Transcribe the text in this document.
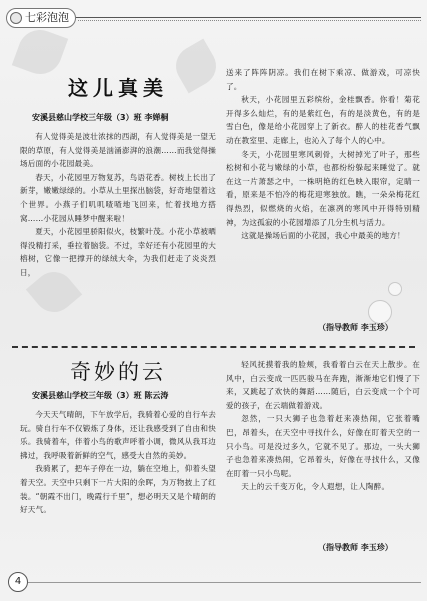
七彩泡泡
这儿真美
安溪县慈山学校三年级（3）班 李婵桐

有人觉得美是波壮浓抹的西湖，有人觉得美是一望无限的草原，有人觉得美是汹涌澎湃的浪潮……而我觉得操场后面的小花园最美。

春天，小花园里万物复苏，鸟语花香。树枝上长出了新芽，嫩嫩绿绿的。小草从土里探出脑袋，好奇地望着这个世界。小燕子们叽叽喳喳地飞回来，忙着找地方搭窝……小花园从睡梦中醒来啦！

夏天，小花园里骄阳似火，枝繁叶茂。小花小草被晒得没精打采，垂拉着脑袋。不过，幸好还有小花园里的大榕树，它像一把撑开的绿绒大伞，为我们赶走了炎炎烈日，

送来了阵阵阴凉。我们在树下乘凉、做游戏，可凉快了。

秋天，小花园里五彩缤纷，金桂飘香。你看！菊花开得多么灿烂，有的是紫红色，有的是淡黄色，有的是雪白色，像是给小花园穿上了新衣。醉人的桂花香气飘动在教室里、走廊上，也沁入了每个人的心中。

冬天，小花园里寒风刺骨，大树掉光了叶子，那些松树和小花与嫩绿的小草，也都纷纷躲起来睡觉了。就在这一片萧瑟之中，一株明艳的红色映入眼帘，定睛一看，原来是不怕冷的梅花迎寒独放。瞧，一朵朵梅花红得热烈，似燃烧的火焰，在凛冽的寒风中开得特别精神，为这孤寂的小花园增添了几分生机与活力。

这就是操场后面的小花园，我心中最美的地方！

（指导教师 李玉珍）
奇妙的云
安溪县慈山学校三年级（3）班 陈云涛

今天天气晴朗，下午放学后，我骑着心爱的自行车去玩。骑自行车不仅锻炼了身体，还让我感受到了自由和快乐。我骑着车，伴着小鸟的歌声呼着小调，微风从我耳边拂过，我呼吸着新鲜的空气，感受大自然的美妙。

我骑累了，把车子停在一边，躺在空地上，仰着头望着天空。天空中只剩下一片大阳的余晖，为万物披上了红装。“朝霞不出门，晚霞行千里”，想必明天又是个晴朗的好天气。

轻风抚摸着我的脸颊，我看着白云在天上散步。在风中，白云变成一匹匹骏马在奔跑，渐渐地它们慢了下来，又跳起了欢快的舞蹈……随后，白云变成一个个可爱的孩子，在云端做着游戏。

忽然，一只大狮子也急着赶来凑热闹，它张着嘴巴，昂着头，在天空中寻找什么，好像在盯着天空的一只小鸟。可是没过多久，它就不见了。那边，一头大狮子也急着来凑热闹，它昂着头，好像在寻找什么，又像在盯着一只小鸟呢。

天上的云千变万化，令人遐想，让人陶醉。

（指导教师 李玉珍）
4
